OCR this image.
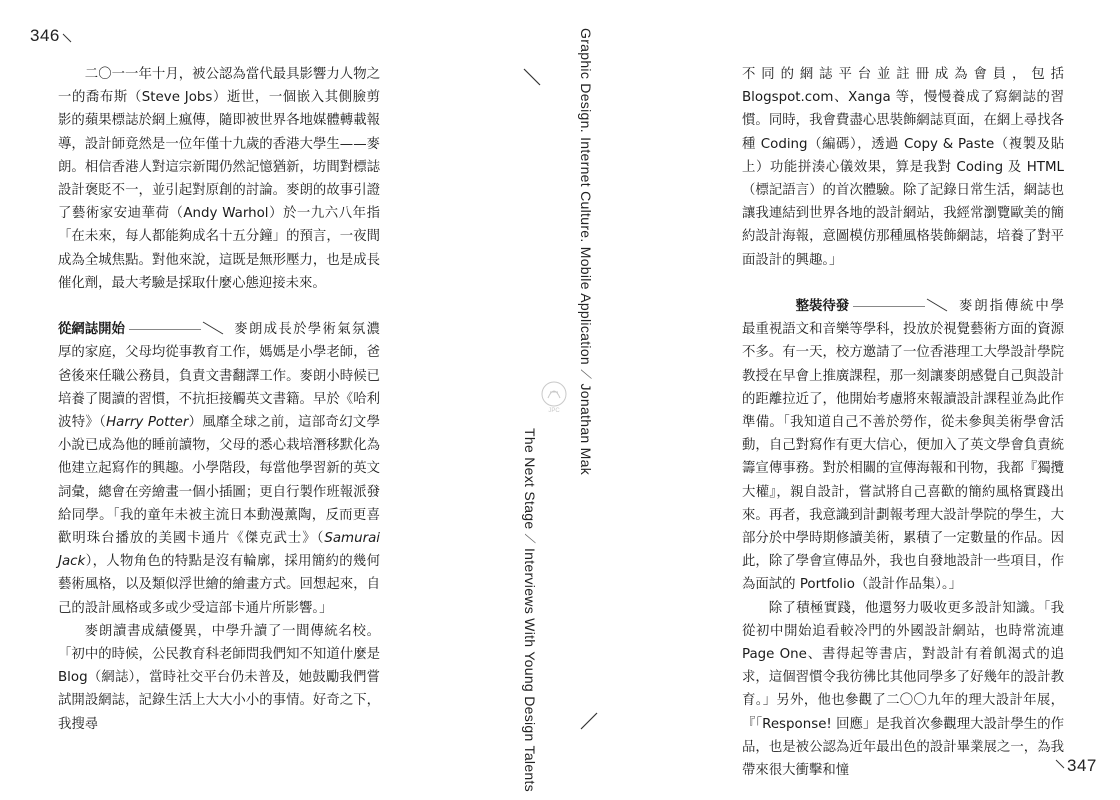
346
347
Graphic Design. Internet Culture. Mobile Application ⟋ Jonathan Mak
JPC
The Next Stage ⟋ Interviews With Young Design Talents

二〇一一年十月，被公認為當代最具影響力人物之一的喬布斯（Steve Jobs）逝世，一個嵌入其側臉剪影的蘋果標誌於網上瘋傳，隨即被世界各地媒體轉載報導，設計師竟然是一位年僅十九歲的香港大學生——麥朗。相信香港人對這宗新聞仍然記憶猶新，坊間對標誌設計褒貶不一，並引起對原創的討論。麥朗的故事引證了藝術家安迪華荷（Andy Warhol）於一九六八年指「在未來，每人都能夠成名十五分鐘」的預言，一夜間成為全城焦點。對他來說，這既是無形壓力，也是成長催化劑，最大考驗是採取什麼心態迎接未來。

從網誌開始	麥朗成長於學術氣氛濃厚的家庭，父母均從事教育工作，媽媽是小學老師，爸爸後來任職公務員，負責文書翻譯工作。麥朗小時候已培養了閱讀的習慣，不抗拒接觸英文書籍。早於《哈利波特》（Harry Potter）風靡全球之前，這部奇幻文學小說已成為他的睡前讀物，父母的悉心栽培潛移默化為他建立起寫作的興趣。小學階段，每當他學習新的英文詞彙，總會在旁繪畫一個小插圖；更自行製作班報派發給同學。「我的童年未被主流日本動漫薰陶，反而更喜歡明珠台播放的美國卡通片《傑克武士》（Samurai Jack），人物角色的特點是沒有輪廓，採用簡約的幾何藝術風格，以及類似浮世繪的繪畫方式。回想起來，自己的設計風格或多或少受這部卡通片所影響。」

麥朗讀書成績優異，中學升讀了一間傳統名校。「初中的時候，公民教育科老師問我們知不知道什麼是 Blog（網誌），當時社交平台仍未普及，她鼓勵我們嘗試開設網誌，記錄生活上大大小小的事情。好奇之下，我搜尋

不同的網誌平台並註冊成為會員，包括 Blogspot.com、Xanga 等，慢慢養成了寫網誌的習慣。同時，我會費盡心思裝飾網誌頁面，在網上尋找各種 Coding（編碼），透過 Copy & Paste（複製及貼上）功能拼湊心儀效果，算是我對 Coding 及 HTML（標記語言）的首次體驗。除了記錄日常生活，網誌也讓我連結到世界各地的設計網站，我經常瀏覽歐美的簡約設計海報，意圖模仿那種風格裝飾網誌，培養了對平面設計的興趣。」

整裝待發	麥朗指傳統中學最重視語文和音樂等學科，投放於視覺藝術方面的資源不多。有一天，校方邀請了一位香港理工大學設計學院教授在早會上推廣課程，那一刻讓麥朗感覺自己與設計的距離拉近了，他開始考慮將來報讀設計課程並為此作準備。「我知道自己不善於勞作，從未參與美術學會活動，自己對寫作有更大信心，便加入了英文學會負責統籌宣傳事務。對於相關的宣傳海報和刊物，我都『獨攬大權』，親自設計，嘗試將自己喜歡的簡約風格實踐出來。再者，我意識到計劃報考理大設計學院的學生，大部分於中學時期修讀美術，累積了一定數量的作品。因此，除了學會宣傳品外，我也自發地設計一些項目，作為面試的 Portfolio（設計作品集）。」

除了積極實踐，他還努力吸收更多設計知識。「我從初中開始追看較冷門的外國設計網站，也時常流連 Page One、書得起等書店，對設計有着飢渴式的追求，這個習慣令我彷彿比其他同學多了好幾年的設計教育。」另外，他也參觀了二〇〇九年的理大設計年展，『「Response! 回應」是我首次參觀理大設計學生的作品，也是被公認為近年最出色的設計畢業展之一，為我帶來很大衝擊和憧
